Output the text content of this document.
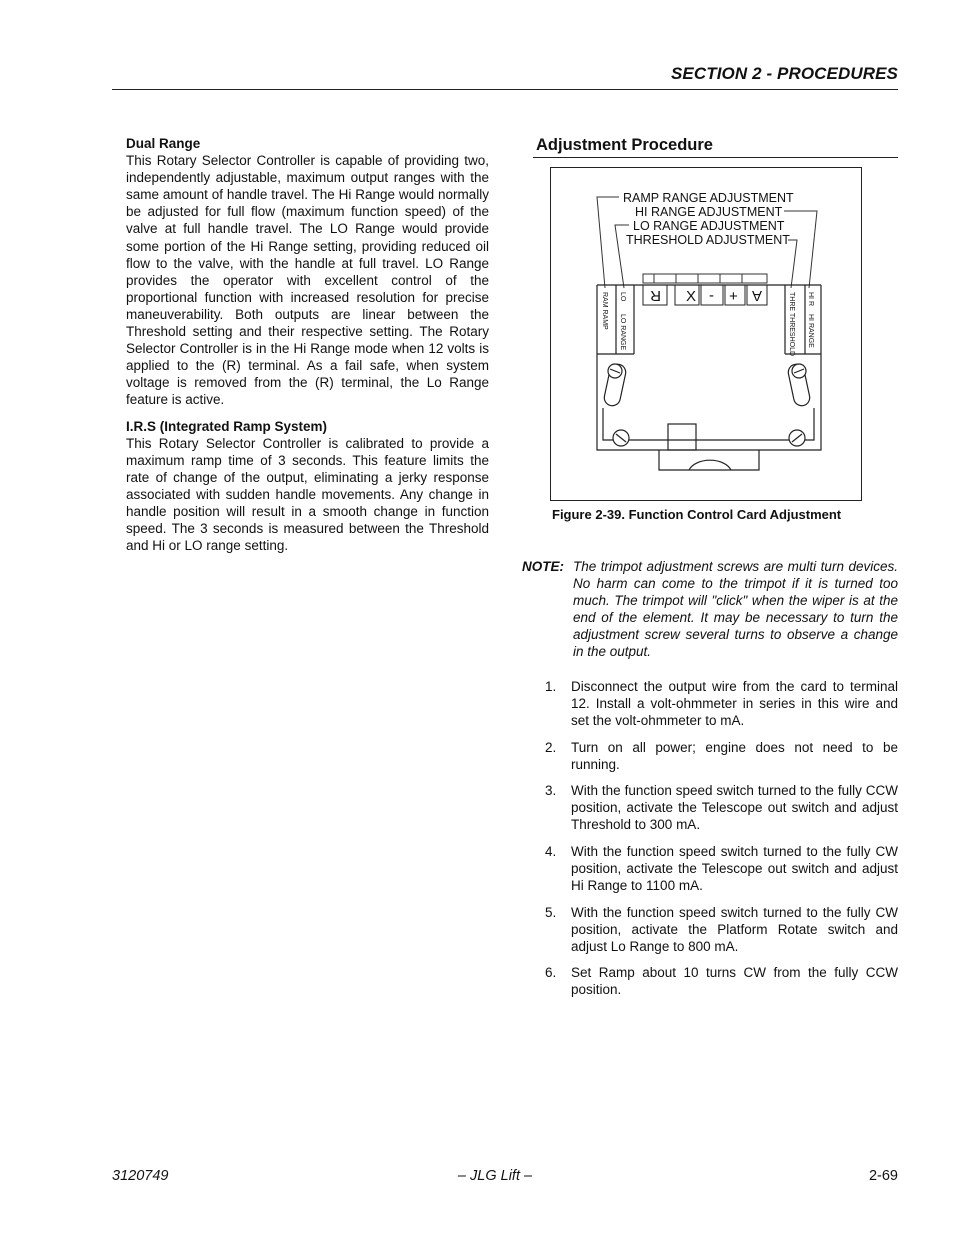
SECTION 2 - PROCEDURES
Dual Range

This Rotary Selector Controller is capable of providing two, independently adjustable, maximum output ranges with the same amount of handle travel. The Hi Range would normally be adjusted for full flow (maximum function speed) of the valve at full handle travel. The LO Range would provide some portion of the Hi Range setting, providing reduced oil flow to the valve, with the handle at full travel. LO Range provides the operator with excellent control of the proportional function with increased resolution for precise maneuverability. Both outputs are linear between the Threshold setting and their respective setting. The Rotary Selector Controller is in the Hi Range mode when 12 volts is applied to the (R) terminal. As a fail safe, when system voltage is removed from the (R) terminal, the Lo Range feature is active.

I.R.S (Integrated Ramp System)

This Rotary Selector Controller is calibrated to provide a maximum ramp time of 3 seconds. This feature limits the rate of change of the output, eliminating a jerky response associated with sudden handle movements. Any change in handle position will result in a smooth change in function speed. The 3 seconds is measured between the Threshold and Hi or LO range setting.

Adjustment Procedure
RAMP RANGE ADJUSTMENT
HI RANGE ADJUSTMENT
LO RANGE ADJUSTMENT
THRESHOLD ADJUSTMENT
R X - + A
RAM RAMP LO
LO RANGE	THRE THRESHOLD HI R
HI RANGE
Figure 2-39. Function Control Card Adjustment
NOTE: The trimpot adjustment screws are multi turn devices. No harm can come to the trimpot if it is turned too much. The trimpot will "click" when the wiper is at the end of the element. It may be necessary to turn the adjustment screw several turns to observe a change in the output.
1. Disconnect the output wire from the card to terminal 12. Install a volt-ohmmeter in series in this wire and set the volt-ohmmeter to mA.
2. Turn on all power; engine does not need to be running.
3. With the function speed switch turned to the fully CCW position, activate the Telescope out switch and adjust Threshold to 300 mA.
4. With the function speed switch turned to the fully CW position, activate the Telescope out switch and adjust Hi Range to 1100 mA.
5. With the function speed switch turned to the fully CW position, activate the Platform Rotate switch and adjust Lo Range to 800 mA.
6. Set Ramp about 10 turns CW from the fully CCW position.
3120749	– JLG Lift –	2-69
